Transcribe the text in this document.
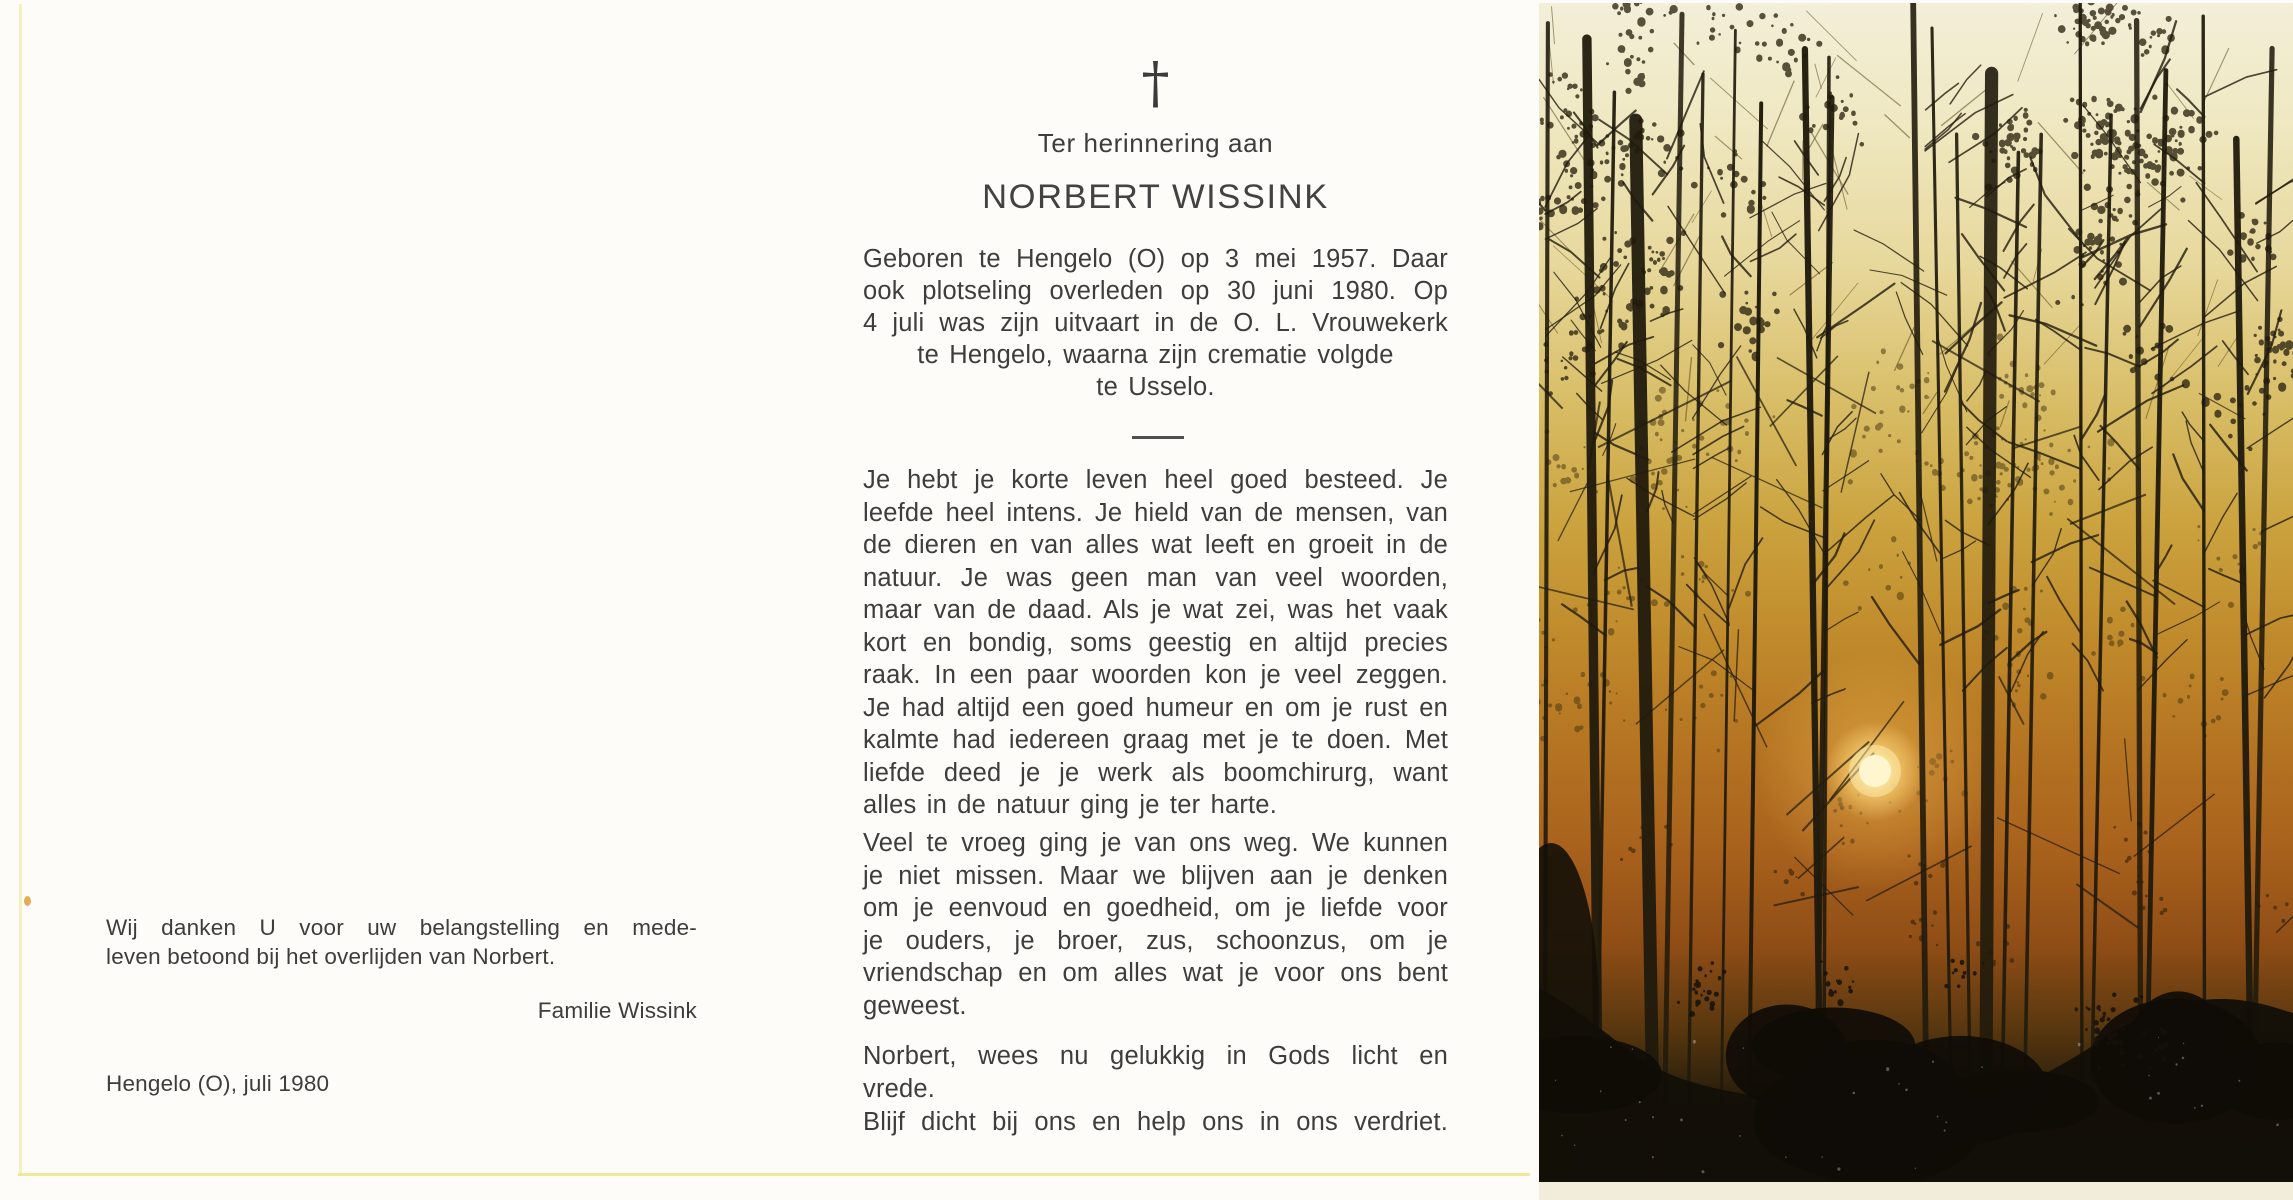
Wij danken U voor uw belangstelling en mede-
leven betoond bij het overlijden van Norbert.
Familie Wissink
Hengelo (O), juli 1980
†
Ter herinnering aan
NORBERT WISSINK
Geboren te Hengelo (O) op 3 mei 1957. Daar
ook plotseling overleden op 30 juni 1980. Op
4 juli was zijn uitvaart in de O. L. Vrouwekerk
te Hengelo, waarna zijn crematie volgde
te Usselo.
Je hebt je korte leven heel goed besteed. Je
leefde heel intens. Je hield van de mensen, van
de dieren en van alles wat leeft en groeit in de
natuur. Je was geen man van veel woorden,
maar van de daad. Als je wat zei, was het vaak
kort en bondig, soms geestig en altijd precies
raak. In een paar woorden kon je veel zeggen.
Je had altijd een goed humeur en om je rust en
kalmte had iedereen graag met je te doen. Met
liefde deed je je werk als boomchirurg, want
alles in de natuur ging je ter harte.
Veel te vroeg ging je van ons weg. We kunnen
je niet missen. Maar we blijven aan je denken
om je eenvoud en goedheid, om je liefde voor
je ouders, je broer, zus, schoonzus, om je
vriendschap en om alles wat je voor ons bent
geweest.
Norbert, wees nu gelukkig in Gods licht en
vrede.
Blijf dicht bij ons en help ons in ons verdriet.
